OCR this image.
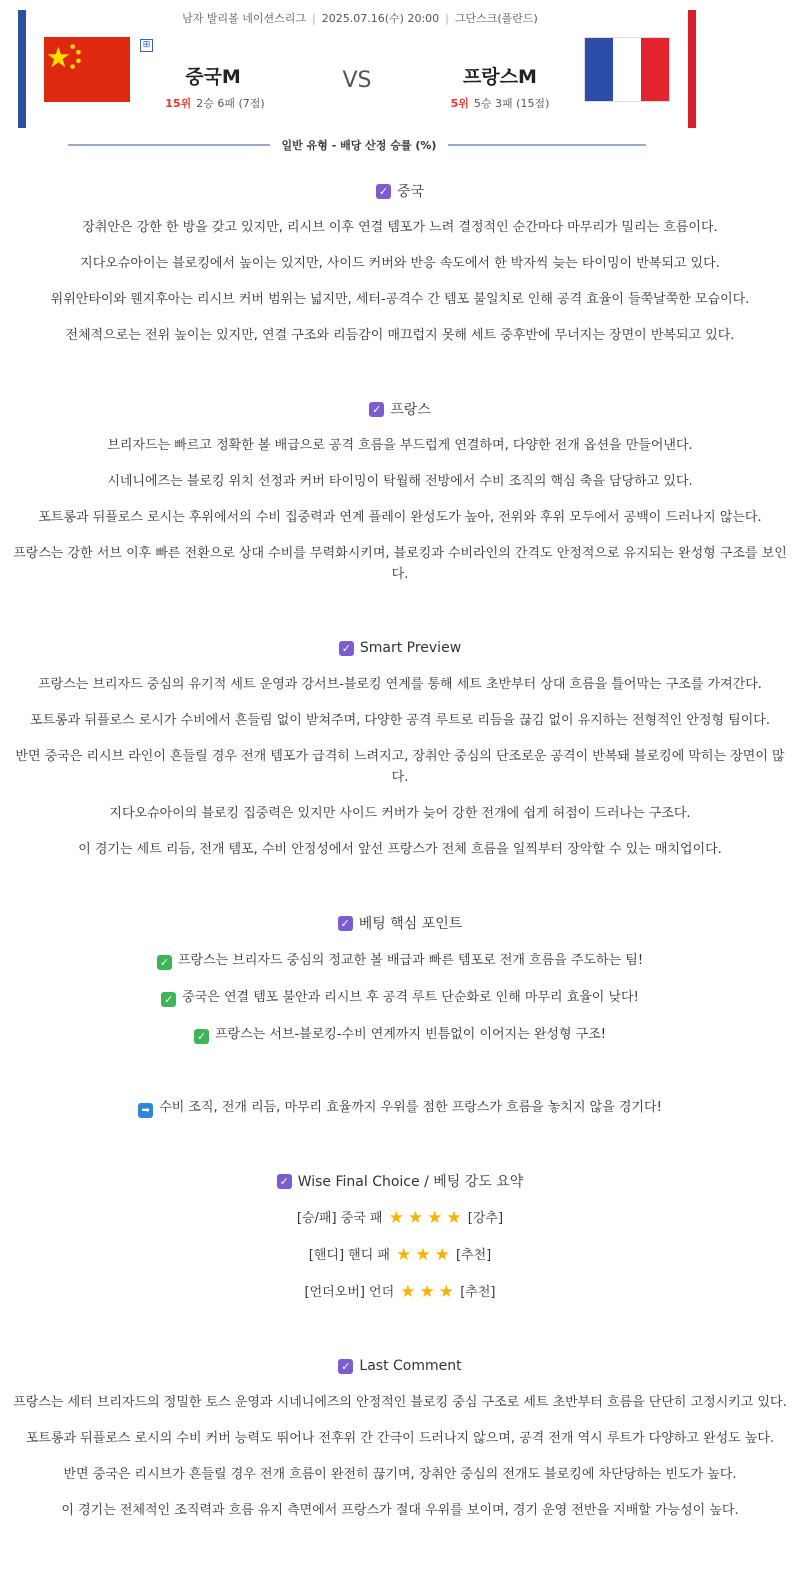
남자 발리볼 네이션스리그 | 2025.07.16(수) 20:00 | 그단스크(폴란드)
⊞
중국M
15위 2승 6패 (7점)
VS	프랑스M
5위 5승 3패 (15점)
일반 유형 - 배당 산정 승률 (%)
✓ 중국

장취안은 강한 한 방을 갖고 있지만, 리시브 이후 연결 템포가 느려 결정적인 순간마다 마무리가 밀리는 흐름이다.

지다오슈아이는 블로킹에서 높이는 있지만, 사이드 커버와 반응 속도에서 한 박자씩 늦는 타이밍이 반복되고 있다.

위위안타이와 웬지후아는 리시브 커버 범위는 넓지만, 세터-공격수 간 템포 불일치로 인해 공격 효율이 들쭉날쭉한 모습이다.

전체적으로는 전위 높이는 있지만, 연결 구조와 리듬감이 매끄럽지 못해 세트 중후반에 무너지는 장면이 반복되고 있다.

✓ 프랑스

브리자드는 빠르고 정확한 볼 배급으로 공격 흐름을 부드럽게 연결하며, 다양한 전개 옵션을 만들어낸다.

시네니에즈는 블로킹 위치 선정과 커버 타이밍이 탁월해 전방에서 수비 조직의 핵심 축을 담당하고 있다.

포트롱과 뒤플로스 로시는 후위에서의 수비 집중력과 연계 플레이 완성도가 높아, 전위와 후위 모두에서 공백이 드러나지 않는다.

프랑스는 강한 서브 이후 빠른 전환으로 상대 수비를 무력화시키며, 블로킹과 수비라인의 간격도 안정적으로 유지되는 완성형 구조를 보인다.

✓ Smart Preview

프랑스는 브리자드 중심의 유기적 세트 운영과 강서브-블로킹 연계를 통해 세트 초반부터 상대 흐름을 틀어막는 구조를 가져간다.

포트롱과 뒤플로스 로시가 수비에서 흔들림 없이 받쳐주며, 다양한 공격 루트로 리듬을 끊김 없이 유지하는 전형적인 안정형 팀이다.

반면 중국은 리시브 라인이 흔들릴 경우 전개 템포가 급격히 느려지고, 장취안 중심의 단조로운 공격이 반복돼 블로킹에 막히는 장면이 많다.

지다오슈아이의 블로킹 집중력은 있지만 사이드 커버가 늦어 강한 전개에 쉽게 허점이 드러나는 구조다.

이 경기는 세트 리듬, 전개 템포, 수비 안정성에서 앞선 프랑스가 전체 흐름을 일찍부터 장악할 수 있는 매치업이다.

✓ 베팅 핵심 포인트
✓ 프랑스는 브리자드 중심의 정교한 볼 배급과 빠른 템포로 전개 흐름을 주도하는 팀!
✓ 중국은 연결 템포 불안과 리시브 후 공격 루트 단순화로 인해 마무리 효율이 낮다!
✓ 프랑스는 서브-블로킹-수비 연계까지 빈틈없이 이어지는 완성형 구조!
➡ 수비 조직, 전개 리듬, 마무리 효율까지 우위를 점한 프랑스가 흐름을 놓치지 않을 경기다!
✓ Wise Final Choice / 베팅 강도 요약
[승/패] 중국 패 ★ ★ ★ ★ [강추]
[핸디] 핸디 패 ★ ★ ★ [추천]
[언더오버] 언더 ★ ★ ★ [추천]
✓ Last Comment

프랑스는 세터 브리자드의 정밀한 토스 운영과 시네니에즈의 안정적인 블로킹 중심 구조로 세트 초반부터 흐름을 단단히 고정시키고 있다.

포트롱과 뒤플로스 로시의 수비 커버 능력도 뛰어나 전후위 간 간극이 드러나지 않으며, 공격 전개 역시 루트가 다양하고 완성도 높다.

반면 중국은 리시브가 흔들릴 경우 전개 흐름이 완전히 끊기며, 장취안 중심의 전개도 블로킹에 차단당하는 빈도가 높다.

이 경기는 전체적인 조직력과 흐름 유지 측면에서 프랑스가 절대 우위를 보이며, 경기 운영 전반을 지배할 가능성이 높다.
